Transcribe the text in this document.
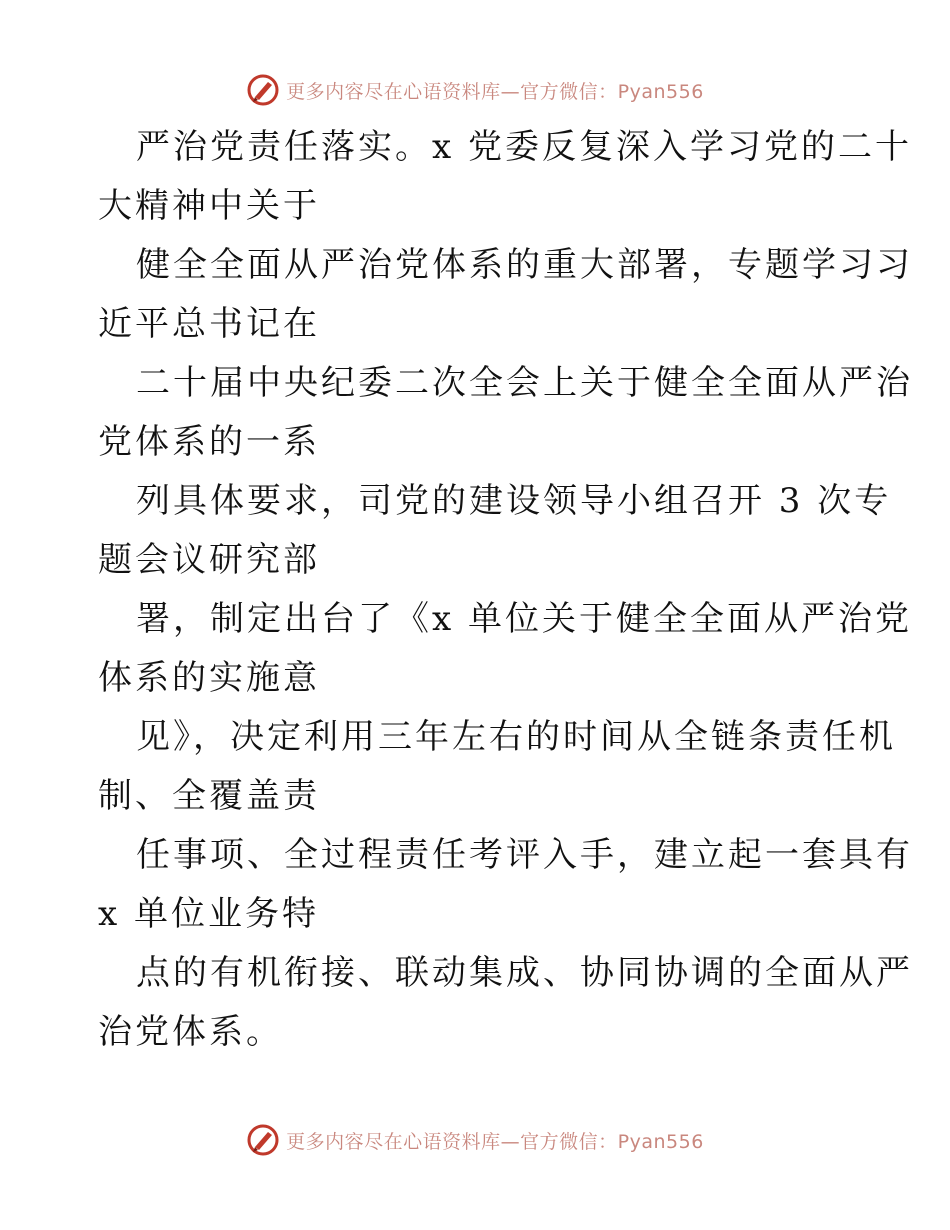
更多内容尽在心语资料库—官方微信：Pyan556
严治党责任落实。x 党委反复深入学习党的二十
大精神中关于
健全全面从严治党体系的重大部署，专题学习习
近平总书记在
二十届中央纪委二次全会上关于健全全面从严治
党体系的一系
列具体要求，司党的建设领导小组召开 3 次专
题会议研究部
署，制定出台了《x 单位关于健全全面从严治党
体系的实施意
见》，决定利用三年左右的时间从全链条责任机
制、全覆盖责
任事项、全过程责任考评入手，建立起一套具有
x 单位业务特
点的有机衔接、联动集成、协同协调的全面从严
治党体系。
更多内容尽在心语资料库—官方微信：Pyan556
